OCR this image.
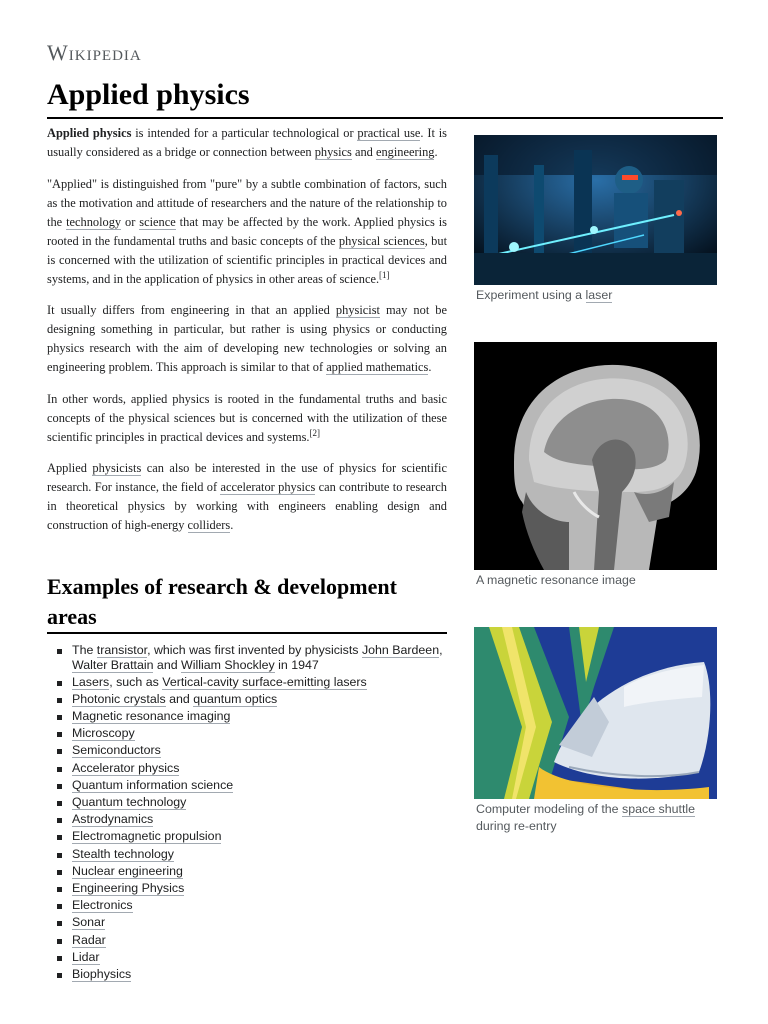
Wikipedia
Applied physics

Applied physics is intended for a particular technological or practical use. It is usually considered as a bridge or connection between physics and engineering.

"Applied" is distinguished from "pure" by a subtle combination of factors, such as the motivation and attitude of researchers and the nature of the relationship to the technology or science that may be affected by the work. Applied physics is rooted in the fundamental truths and basic concepts of the physical sciences, but is concerned with the utilization of scientific principles in practical devices and systems, and in the application of physics in other areas of science.[1]

It usually differs from engineering in that an applied physicist may not be designing something in particular, but rather is using physics or conducting physics research with the aim of developing new technologies or solving an engineering problem. This approach is similar to that of applied mathematics.

In other words, applied physics is rooted in the fundamental truths and basic concepts of the physical sciences but is concerned with the utilization of these scientific principles in practical devices and systems.[2]

Applied physicists can also be interested in the use of physics for scientific research. For instance, the field of accelerator physics can contribute to research in theoretical physics by working with engineers enabling design and construction of high-energy colliders.

Examples of research & development areas
The transistor, which was first invented by physicists John Bardeen, Walter Brattain and William Shockley in 1947
Lasers, such as Vertical-cavity surface-emitting lasers
Photonic crystals and quantum optics
Magnetic resonance imaging
Microscopy
Semiconductors
Accelerator physics
Quantum information science
Quantum technology
Astrodynamics
Electromagnetic propulsion
Stealth technology
Nuclear engineering
Engineering Physics
Electronics
Sonar
Radar
Lidar
Biophysics
Experiment using a laser
A magnetic resonance image
Computer modeling of the space shuttle during re-entry
